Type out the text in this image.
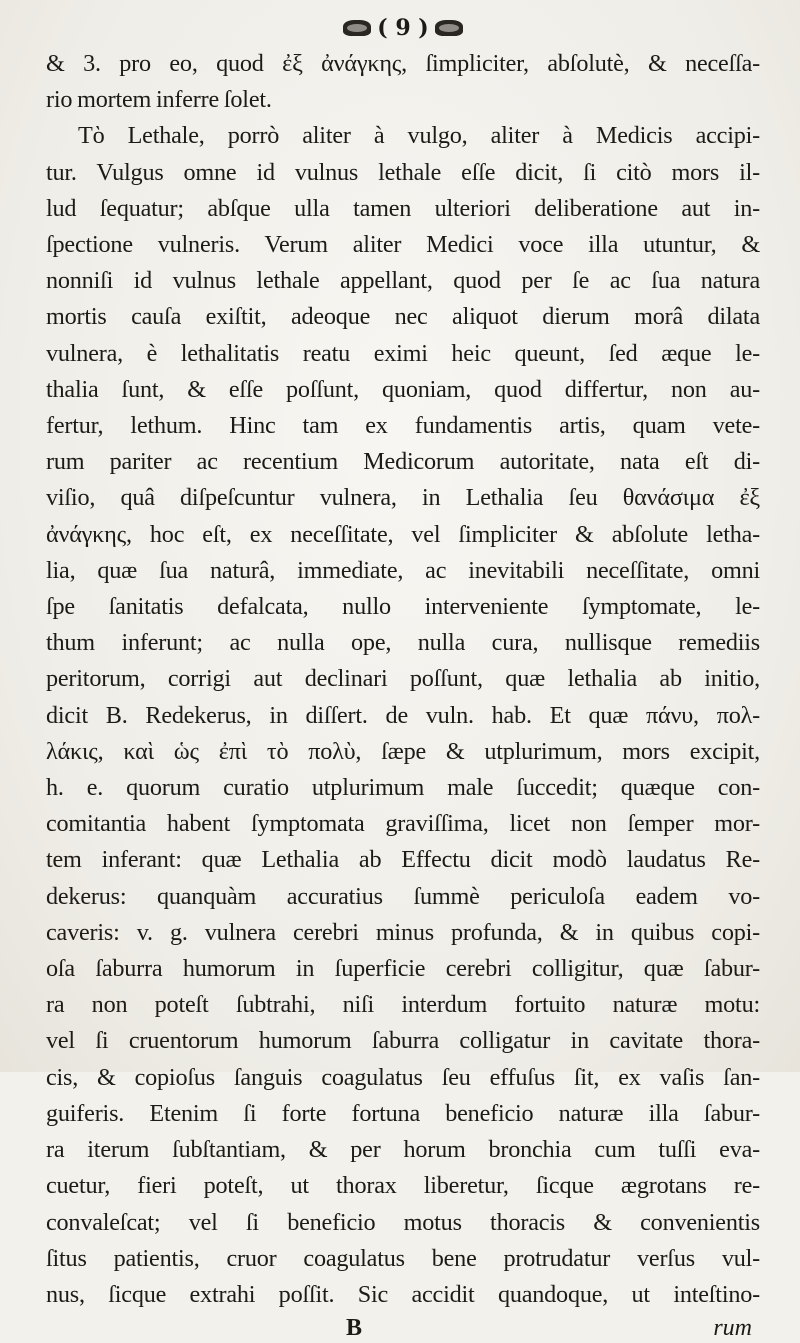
( 9 )
& 3. pro eo, quod ἐξ ἀνάγκης, ſimpliciter, abſolutè, & neceſſa-
rio mortem inferre ſolet.
Τὸ Lethale, porrò aliter à vulgo, aliter à Medicis accipi-
tur. Vulgus omne id vulnus lethale eſſe dicit, ſi citò mors il-
lud ſequatur; abſque ulla tamen ulteriori deliberatione aut in-
ſpectione vulneris. Verum aliter Medici voce illa utuntur, &
nonniſi id vulnus lethale appellant, quod per ſe ac ſua natura
mortis cauſa exiſtit, adeoque nec aliquot dierum morâ dilata
vulnera, è lethalitatis reatu eximi heic queunt, ſed æque le-
thalia ſunt, & eſſe poſſunt, quoniam, quod differtur, non au-
fertur, lethum. Hinc tam ex fundamentis artis, quam vete-
rum pariter ac recentium Medicorum autoritate, nata eſt di-
viſio, quâ diſpeſcuntur vulnera, in Lethalia ſeu θανάσιμα ἐξ
ἀνάγκης, hoc eſt, ex neceſſitate, vel ſimpliciter & abſolute letha-
lia, quæ ſua naturâ, immediate, ac inevitabili neceſſitate, omni
ſpe ſanitatis defalcata, nullo interveniente ſymptomate, le-
thum inferunt; ac nulla ope, nulla cura, nullisque remediis
peritorum, corrigi aut declinari poſſunt, quæ lethalia ab initio,
dicit B. Redekerus, in diſſert. de vuln. hab. Et quæ πάνυ, πολ-
λάκις, καὶ ὡς ἐπὶ τὸ πολὺ, ſæpe & utplurimum, mors excipit,
h. e. quorum curatio utplurimum male ſuccedit; quæque con-
comitantia habent ſymptomata graviſſima, licet non ſemper mor-
tem inferant: quæ Lethalia ab Effectu dicit modò laudatus Re-
dekerus: quanquàm accuratius ſummè periculoſa eadem vo-
caveris: v. g. vulnera cerebri minus profunda, & in quibus copi-
oſa ſaburra humorum in ſuperficie cerebri colligitur, quæ ſabur-
ra non poteſt ſubtrahi, niſi interdum fortuito naturæ motu:
vel ſi cruentorum humorum ſaburra colligatur in cavitate thora-
cis, & copioſus ſanguis coagulatus ſeu effuſus ſit, ex vaſis ſan-
guiferis. Etenim ſi forte fortuna beneficio naturæ illa ſabur-
ra iterum ſubſtantiam, & per horum bronchia cum tuſſi eva-
cuetur, fieri poteſt, ut thorax liberetur, ſicque ægrotans re-
convaleſcat; vel ſi beneficio motus thoracis & convenientis
ſitus patientis, cruor coagulatus bene protrudatur verſus vul-
nus, ſicque extrahi poſſit. Sic accidit quandoque, ut inteſtino-
B	rum
